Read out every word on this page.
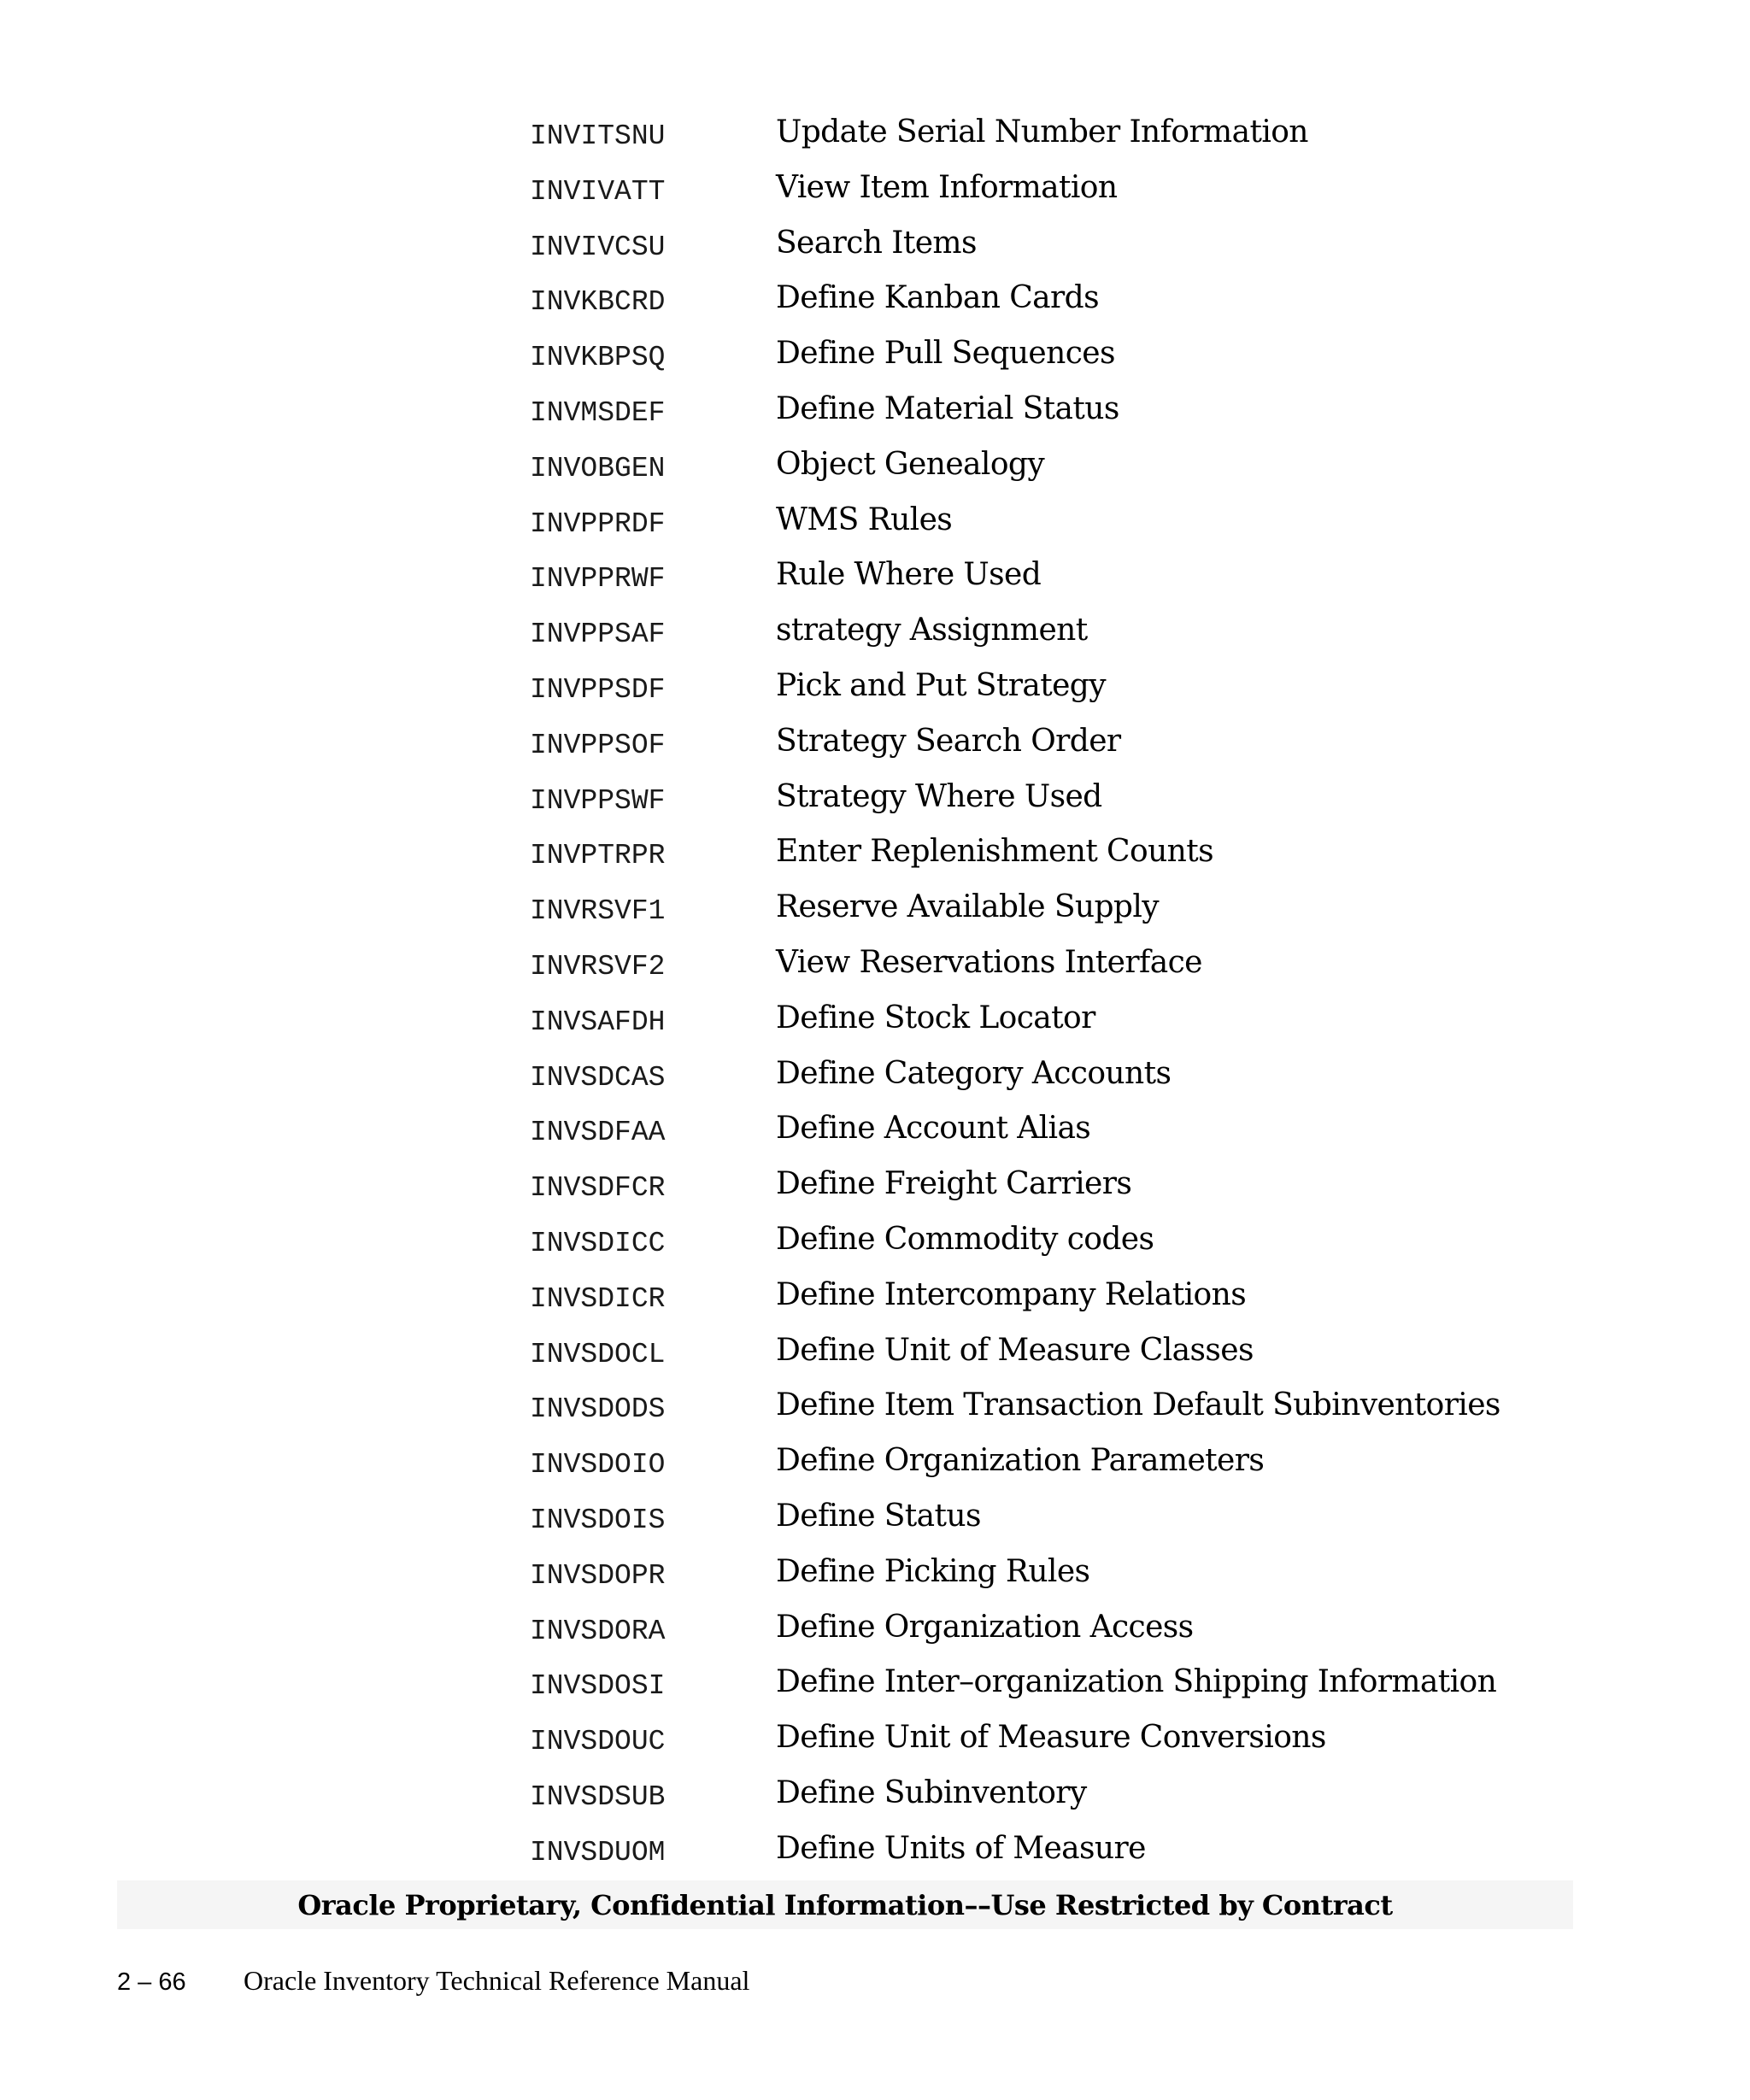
INVITSNU	Update Serial Number Information
INVIVATT	View Item Information
INVIVCSU	Search Items
INVKBCRD	Define Kanban Cards
INVKBPSQ	Define Pull Sequences
INVMSDEF	Define Material Status
INVOBGEN	Object Genealogy
INVPPRDF	WMS Rules
INVPPRWF	Rule Where Used
INVPPSAF	strategy Assignment
INVPPSDF	Pick and Put Strategy
INVPPSOF	Strategy Search Order
INVPPSWF	Strategy Where Used
INVPTRPR	Enter Replenishment Counts
INVRSVF1	Reserve Available Supply
INVRSVF2	View Reservations Interface
INVSAFDH	Define Stock Locator
INVSDCAS	Define Category Accounts
INVSDFAA	Define Account Alias
INVSDFCR	Define Freight Carriers
INVSDICC	Define Commodity codes
INVSDICR	Define Intercompany Relations
INVSDOCL	Define Unit of Measure Classes
INVSDODS	Define Item Transaction Default Subinventories
INVSDOIO	Define Organization Parameters
INVSDOIS	Define Status
INVSDOPR	Define Picking Rules
INVSDORA	Define Organization Access
INVSDOSI	Define Inter–organization Shipping Information
INVSDOUC	Define Unit of Measure Conversions
INVSDSUB	Define Subinventory
INVSDUOM	Define Units of Measure
Oracle Proprietary, Confidential Information––Use Restricted by Contract
2 – 66 Oracle Inventory Technical Reference Manual
